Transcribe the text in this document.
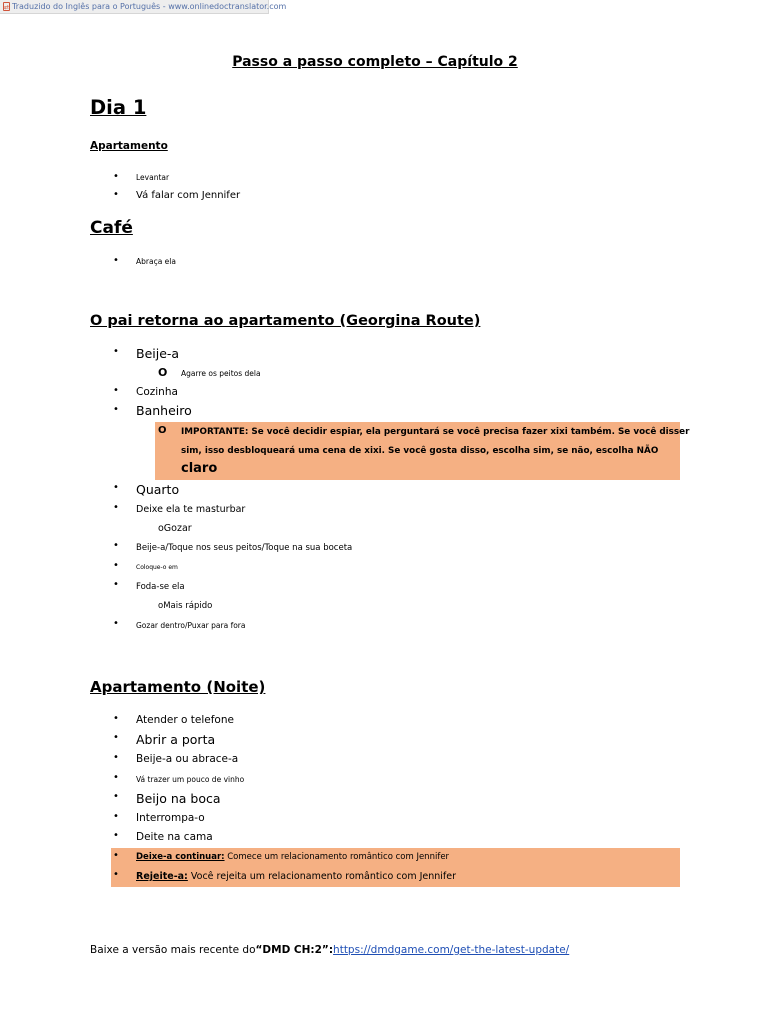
⇄ Traduzido do Inglês para o Português - www.onlinedoctranslator.com
Passo a passo completo – Capítulo 2
Dia 1
Apartamento
• Levantar
• Vá falar com Jennifer
Café
• Abraça ela
O pai retorna ao apartamento (Georgina Route)
• Beije-a
O Agarre os peitos dela
• Cozinha
• Banheiro
O IMPORTANTE: Se você decidir espiar, ela perguntará se você precisa fazer xixi também. Se você disser
sim, isso desbloqueará uma cena de xixi. Se você gosta disso, escolha sim, se não, escolha NÃO
claro
• Quarto
• Deixe ela te masturbar
oGozar
• Beije-a/Toque nos seus peitos/Toque na sua boceta
•	Coloque-o em
• Foda-se ela
oMais rápido
• Gozar dentro/Puxar para fora
Apartamento (Noite)
• Atender o telefone
• Abrir a porta
• Beije-a ou abrace-a
• Vá trazer um pouco de vinho
• Beijo na boca
• Interrompa-o
• Deite na cama
• Deixe-a continuar: Comece um relacionamento romântico com Jennifer
• Rejeite-a: Você rejeita um relacionamento romântico com Jennifer
Baixe a versão mais recente do“DMD CH:2”:https://dmdgame.com/get-the-latest-update/
